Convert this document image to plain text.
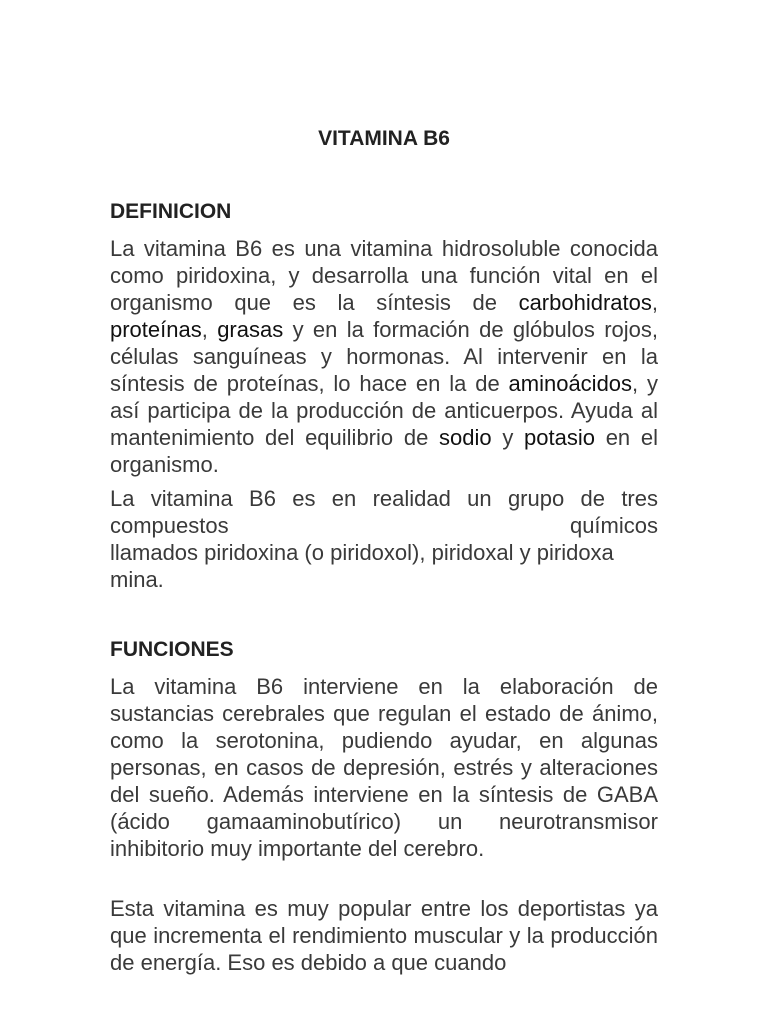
VITAMINA B6
DEFINICION
La vitamina B6 es una vitamina hidrosoluble conocida como piridoxina, y desarrolla una función vital en el organismo que es la síntesis de carbohidratos, proteínas, grasas y en la formación de glóbulos rojos, células sanguíneas y hormonas. Al intervenir en la síntesis de proteínas, lo hace en la de aminoácidos, y así participa de la producción de anticuerpos. Ayuda al mantenimiento del equilibrio de sodio y potasio en el organismo.
La vitamina B6 es en realidad un grupo de tres compuestos químicos
llamados piridoxina (o piridoxol), piridoxal y piridoxa
mina.
FUNCIONES
La vitamina B6 interviene en la elaboración de sustancias cerebrales que regulan el estado de ánimo, como la serotonina, pudiendo ayudar, en algunas personas, en casos de depresión, estrés y alteraciones del sueño. Además interviene en la síntesis de GABA (ácido gamaaminobutírico) un neurotransmisor inhibitorio muy importante del cerebro.
Esta vitamina es muy popular entre los deportistas ya que incrementa el rendimiento muscular y la producción de energía. Eso es debido a que cuando
